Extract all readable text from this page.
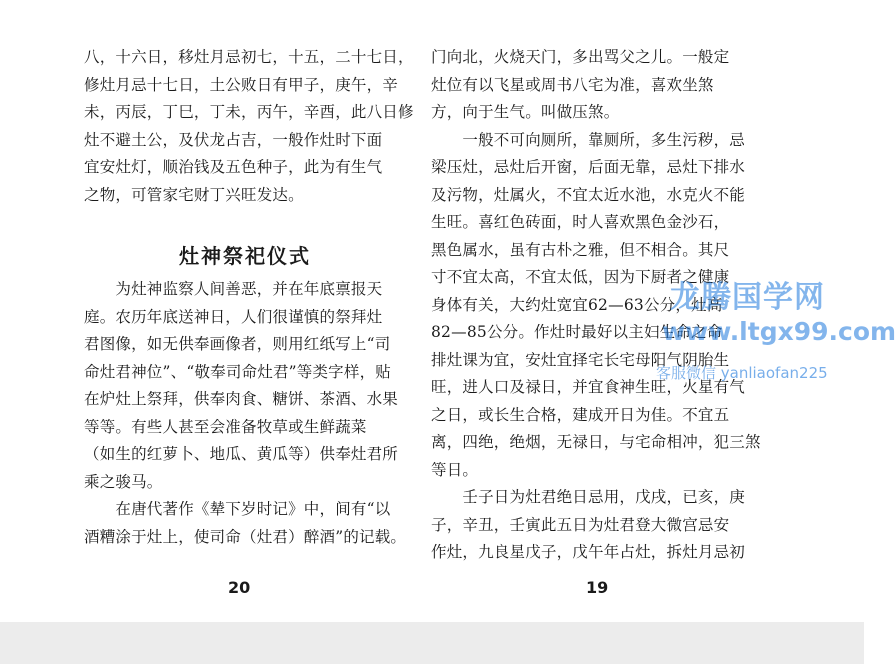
八，十六日，移灶月忌初七，十五，二十七日，
修灶月忌十七日，土公败日有甲子，庚午，辛
未，丙辰，丁巳，丁未，丙午，辛酉，此八日修
灶不避土公，及伏龙占吉，一般作灶时下面
宜安灶灯，顺治钱及五色种子，此为有生气
之物，可管家宅财丁兴旺发达。
灶神祭祀仪式
　　为灶神监察人间善恶，并在年底禀报天
庭。农历年底送神日，人们很谨慎的祭拜灶
君图像，如无供奉画像者，则用红纸写上“司
命灶君神位”、“敬奉司命灶君”等类字样，贴
在炉灶上祭拜，供奉肉食、糖饼、茶酒、水果
等等。有些人甚至会准备牧草或生鲜蔬菜
（如生的红萝卜、地瓜、黄瓜等）供奉灶君所
乘之骏马。
　　在唐代著作《辇下岁时记》中，间有“以
酒糟涂于灶上，使司命（灶君）醉酒”的记载。
20
门向北，火烧天门，多出骂父之儿。一般定
灶位有以飞星或周书八宅为准，喜欢坐煞
方，向于生气。叫做压煞。
　　一般不可向厕所，靠厕所，多生污秽，忌
梁压灶，忌灶后开窗，后面无靠，忌灶下排水
及污物，灶属火，不宜太近水池，水克火不能
生旺。喜红色砖面，时人喜欢黑色金沙石，
黑色属水，虽有古朴之雅，但不相合。其尺
寸不宜太高，不宜太低，因为下厨者之健康
身体有关，大约灶宽宜62—63公分，灶高
82—85公分。作灶时最好以主妇生命之命
排灶课为宜，安灶宜择宅长宅母阳气阴胎生
旺，进人口及禄日，并宜食神生旺，火星有气
之日，或长生合格，建成开日为佳。不宜五
离，四绝，绝烟，无禄日，与宅命相冲，犯三煞
等日。
　　壬子日为灶君绝日忌用，戊戌，已亥，庚
子，辛丑，壬寅此五日为灶君登大微宫忌安
作灶，九良星戊子，戊午年占灶，拆灶月忌初
19
龙腾国学网
www.ltgx99.com
客服微信 yanliaofan225
